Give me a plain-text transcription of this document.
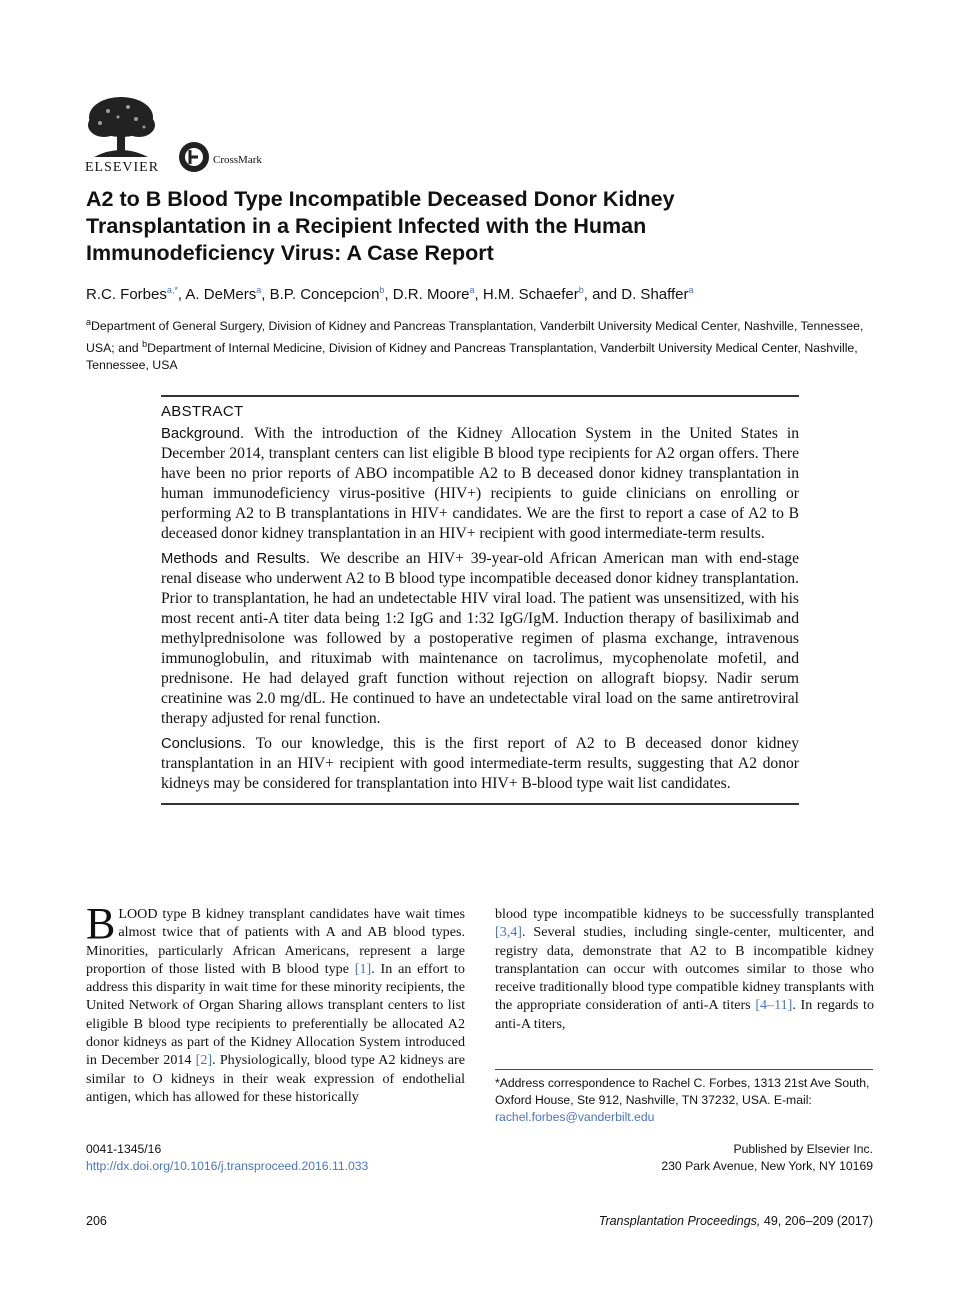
ELSEVIER
CrossMark
A2 to B Blood Type Incompatible Deceased Donor Kidney Transplantation in a Recipient Infected with the Human Immunodeficiency Virus: A Case Report
R.C. Forbes$^{a,*}$, A. DeMers$^a$, B.P. Concepcion$^b$, D.R. Moore$^a$, H.M. Schaefer$^b$, and D. Shaffer$^a$
$^a$Department of General Surgery, Division of Kidney and Pancreas Transplantation, Vanderbilt University Medical Center, Nashville, Tennessee, USA; and $^b$Department of Internal Medicine, Division of Kidney and Pancreas Transplantation, Vanderbilt University Medical Center, Nashville, Tennessee, USA
ABSTRACT

Background. With the introduction of the Kidney Allocation System in the United States in December 2014, transplant centers can list eligible B blood type recipients for A2 organ offers. There have been no prior reports of ABO incompatible A2 to B deceased donor kidney transplantation in human immunodeficiency virus-positive (HIV+) recipients to guide clinicians on enrolling or performing A2 to B transplantations in HIV+ candidates. We are the first to report a case of A2 to B deceased donor kidney transplantation in an HIV+ recipient with good intermediate-term results.

Methods and Results. We describe an HIV+ 39-year-old African American man with end-stage renal disease who underwent A2 to B blood type incompatible deceased donor kidney transplantation. Prior to transplantation, he had an undetectable HIV viral load. The patient was unsensitized, with his most recent anti-A titer data being 1:2 IgG and 1:32 IgG/IgM. Induction therapy of basiliximab and methylprednisolone was followed by a postoperative regimen of plasma exchange, intravenous immunoglobulin, and rituximab with maintenance on tacrolimus, mycophenolate mofetil, and prednisone. He had delayed graft function without rejection on allograft biopsy. Nadir serum creatinine was 2.0 mg/dL. He continued to have an undetectable viral load on the same antiretroviral therapy adjusted for renal function.

Conclusions. To our knowledge, this is the first report of A2 to B deceased donor kidney transplantation in an HIV+ recipient with good intermediate-term results, suggesting that A2 donor kidneys may be considered for transplantation into HIV+ B-blood type wait list candidates.

BLOOD type B kidney transplant candidates have wait times almost twice that of patients with A and AB blood types. Minorities, particularly African Americans, represent a large proportion of those listed with B blood type [1]. In an effort to address this disparity in wait time for these minority recipients, the United Network of Organ Sharing allows transplant centers to list eligible B blood type recipients to preferentially be allocated A2 donor kidneys as part of the Kidney Allocation System introduced in December 2014 [2]. Physiologically, blood type A2 kidneys are similar to O kidneys in their weak expression of endothelial antigen, which has allowed for these historically
blood type incompatible kidneys to be successfully transplanted [3,4]. Several studies, including single-center, multicenter, and registry data, demonstrate that A2 to B incompatible kidney transplantation can occur with outcomes similar to those who receive traditionally blood type compatible kidney transplants with the appropriate consideration of anti-A titers [4–11]. In regards to anti-A titers,
*Address correspondence to Rachel C. Forbes, 1313 21st Ave South, Oxford House, Ste 912, Nashville, TN 37232, USA. E-mail: rachel.forbes@vanderbilt.edu
0041-1345/16
http://dx.doi.org/10.1016/j.transproceed.2016.11.033
Published by Elsevier Inc.
230 Park Avenue, New York, NY 10169
206	Transplantation Proceedings, 49, 206–209 (2017)
